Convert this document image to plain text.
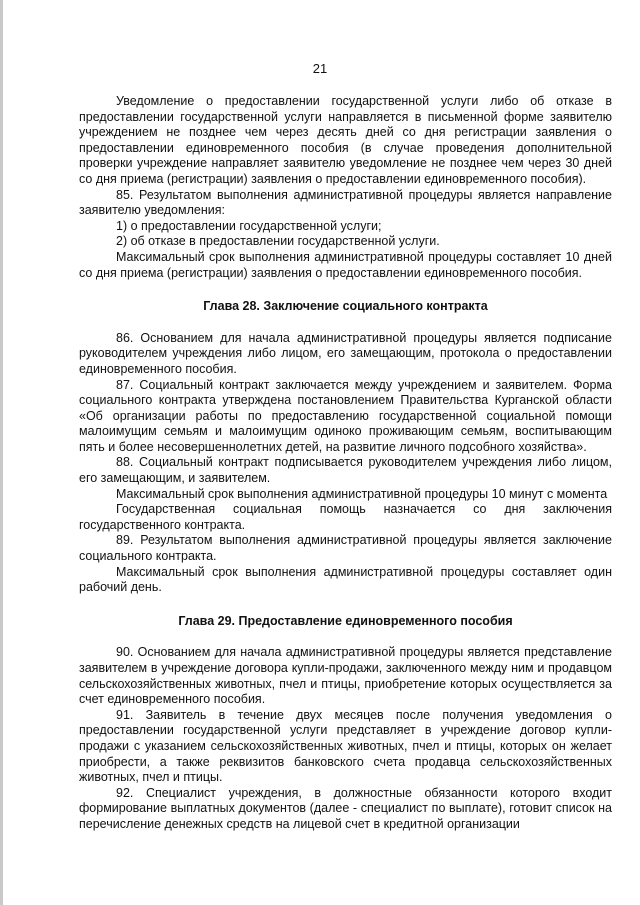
21

Уведомление о предоставлении государственной услуги либо об отказе в предоставлении государственной услуги направляется в письменной форме заявителю учреждением не позднее чем через десять дней со дня регистрации заявления о предоставлении единовременного пособия (в случае проведения дополнительной проверки учреждение направляет заявителю уведомление не позднее чем через 30 дней со дня приема (регистрации) заявления о предоставлении единовременного пособия).

85. Результатом выполнения административной процедуры является направление заявителю уведомления:

1) о предоставлении государственной услуги;

2) об отказе в предоставлении государственной услуги.

Максимальный срок выполнения административной процедуры составляет 10 дней со дня приема (регистрации) заявления о предоставлении единовременного пособия.

Глава 28. Заключение социального контракта

86. Основанием для начала административной процедуры является подписание руководителем учреждения либо лицом, его замещающим, протокола о предоставлении единовременного пособия.

87. Социальный контракт заключается между учреждением и заявителем. Форма социального контракта утверждена постановлением Правительства Курганской области «Об организации работы по предоставлению государственной социальной помощи малоимущим семьям и малоимущим одиноко проживающим семьям, воспитывающим пять и более несовершеннолетних детей, на развитие личного подсобного хозяйства».

88. Социальный контракт подписывается руководителем учреждения либо лицом, его замещающим, и заявителем.

Максимальный срок выполнения административной процедуры 10 минут с момента

Государственная социальная помощь назначается со дня заключения государственного контракта.

89. Результатом выполнения административной процедуры является заключение социального контракта.

Максимальный срок выполнения административной процедуры составляет один рабочий день.

Глава 29. Предоставление единовременного пособия

90. Основанием для начала административной процедуры является представление заявителем в учреждение договора купли-продажи, заключенного между ним и продавцом сельскохозяйственных животных, пчел и птицы, приобретение которых осуществляется за счет единовременного пособия.

91. Заявитель в течение двух месяцев после получения уведомления о предоставлении государственной услуги представляет в учреждение договор купли-продажи с указанием сельскохозяйственных животных, пчел и птицы, которых он желает приобрести, а также реквизитов банковского счета продавца сельскохозяйственных животных, пчел и птицы.

92. Специалист учреждения, в должностные обязанности которого входит формирование выплатных документов (далее - специалист по выплате), готовит список на перечисление денежных средств на лицевой счет в кредитной организации
